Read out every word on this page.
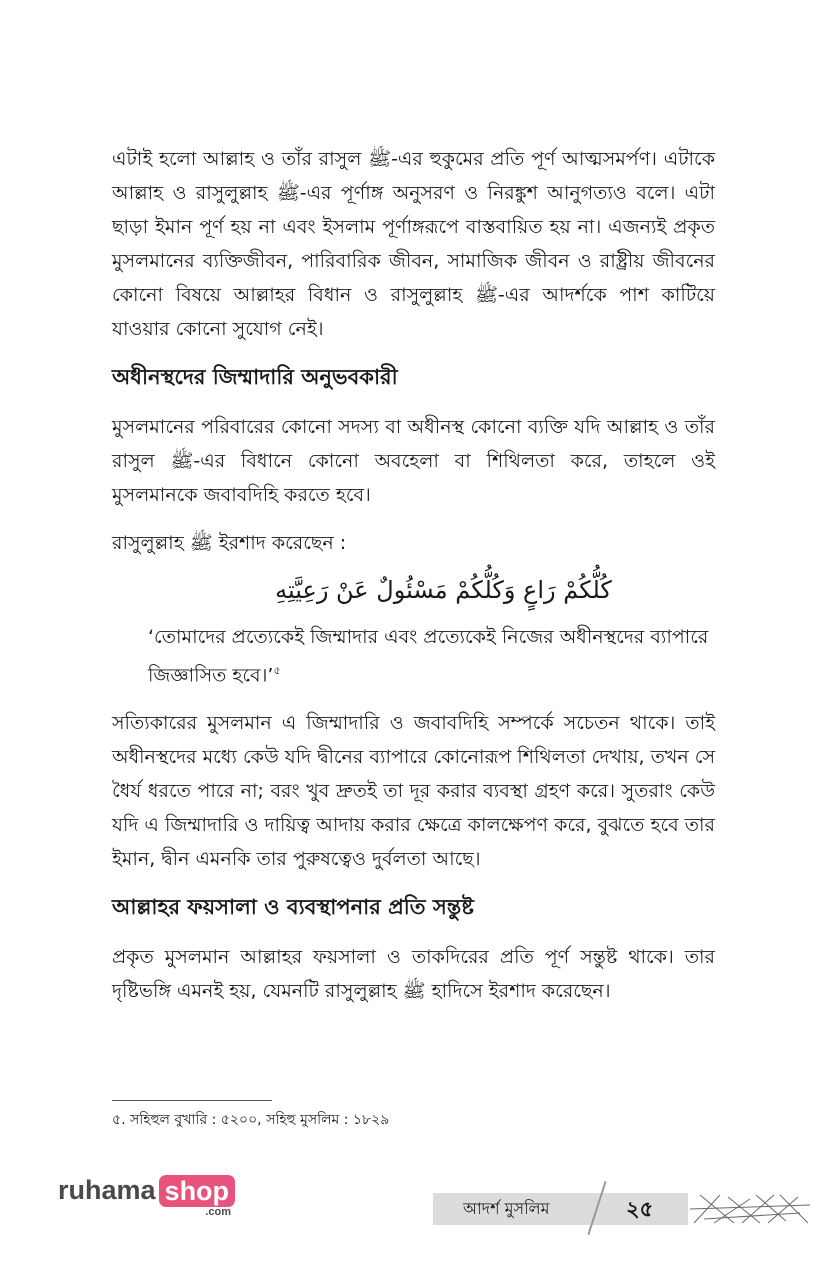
এটাই হলো আল্লাহ ও তাঁর রাসুল ﷺ-এর হুকুমের প্রতি পূর্ণ আত্মসমর্পণ। এটাকে আল্লাহ ও রাসুলুল্লাহ ﷺ-এর পূর্ণাঙ্গ অনুসরণ ও নিরঙ্কুশ আনুগত্যও বলে। এটা ছাড়া ইমান পূর্ণ হয় না এবং ইসলাম পূর্ণাঙ্গরূপে বাস্তবায়িত হয় না। এজন্যই প্রকৃত মুসলমানের ব্যক্তিজীবন, পারিবারিক জীবন, সামাজিক জীবন ও রাষ্ট্রীয় জীবনের কোনো বিষয়ে আল্লাহর বিধান ও রাসুলুল্লাহ ﷺ-এর আদর্শকে পাশ কাটিয়ে যাওয়ার কোনো সুযোগ নেই।

অধীনস্থদের জিম্মাদারি অনুভবকারী

মুসলমানের পরিবারের কোনো সদস্য বা অধীনস্থ কোনো ব্যক্তি যদি আল্লাহ ও তাঁর রাসুল ﷺ-এর বিধানে কোনো অবহেলা বা শিথিলতা করে, তাহলে ওই মুসলমানকে জবাবদিহি করতে হবে।

রাসুলুল্লাহ ﷺ ইরশাদ করেছেন :

كُلُّكُمْ رَاعٍ وَكُلُّكُمْ مَسْئُولٌ عَنْ رَعِيَّتِهِ

‘তোমাদের প্রত্যেকেই জিম্মাদার এবং প্রত্যেকেই নিজের অধীনস্থদের ব্যাপারে জিজ্ঞাসিত হবে।’$^৫$

সত্যিকারের মুসলমান এ জিম্মাদারি ও জবাবদিহি সম্পর্কে সচেতন থাকে। তাই অধীনস্থদের মধ্যে কেউ যদি দ্বীনের ব্যাপারে কোনোরূপ শিথিলতা দেখায়, তখন সে ধৈর্য ধরতে পারে না; বরং খুব দ্রুতই তা দূর করার ব্যবস্থা গ্রহণ করে। সুতরাং কেউ যদি এ জিম্মাদারি ও দায়িত্ব আদায় করার ক্ষেত্রে কালক্ষেপণ করে, বুঝতে হবে তার ইমান, দ্বীন এমনকি তার পুরুষত্বেও দুর্বলতা আছে।

আল্লাহর ফয়সালা ও ব্যবস্থাপনার প্রতি সন্তুষ্ট

প্রকৃত মুসলমান আল্লাহর ফয়সালা ও তাকদিরের প্রতি পূর্ণ সন্তুষ্ট থাকে। তার দৃষ্টিভঙ্গি এমনই হয়, যেমনটি রাসুলুল্লাহ ﷺ হাদিসে ইরশাদ করেছেন।

৫. সহিহুল বুখারি : ৫২০০, সহিহু মুসলিম : ১৮২৯
ruhama shop
.com	আদর্শ মুসলিম	২৫
